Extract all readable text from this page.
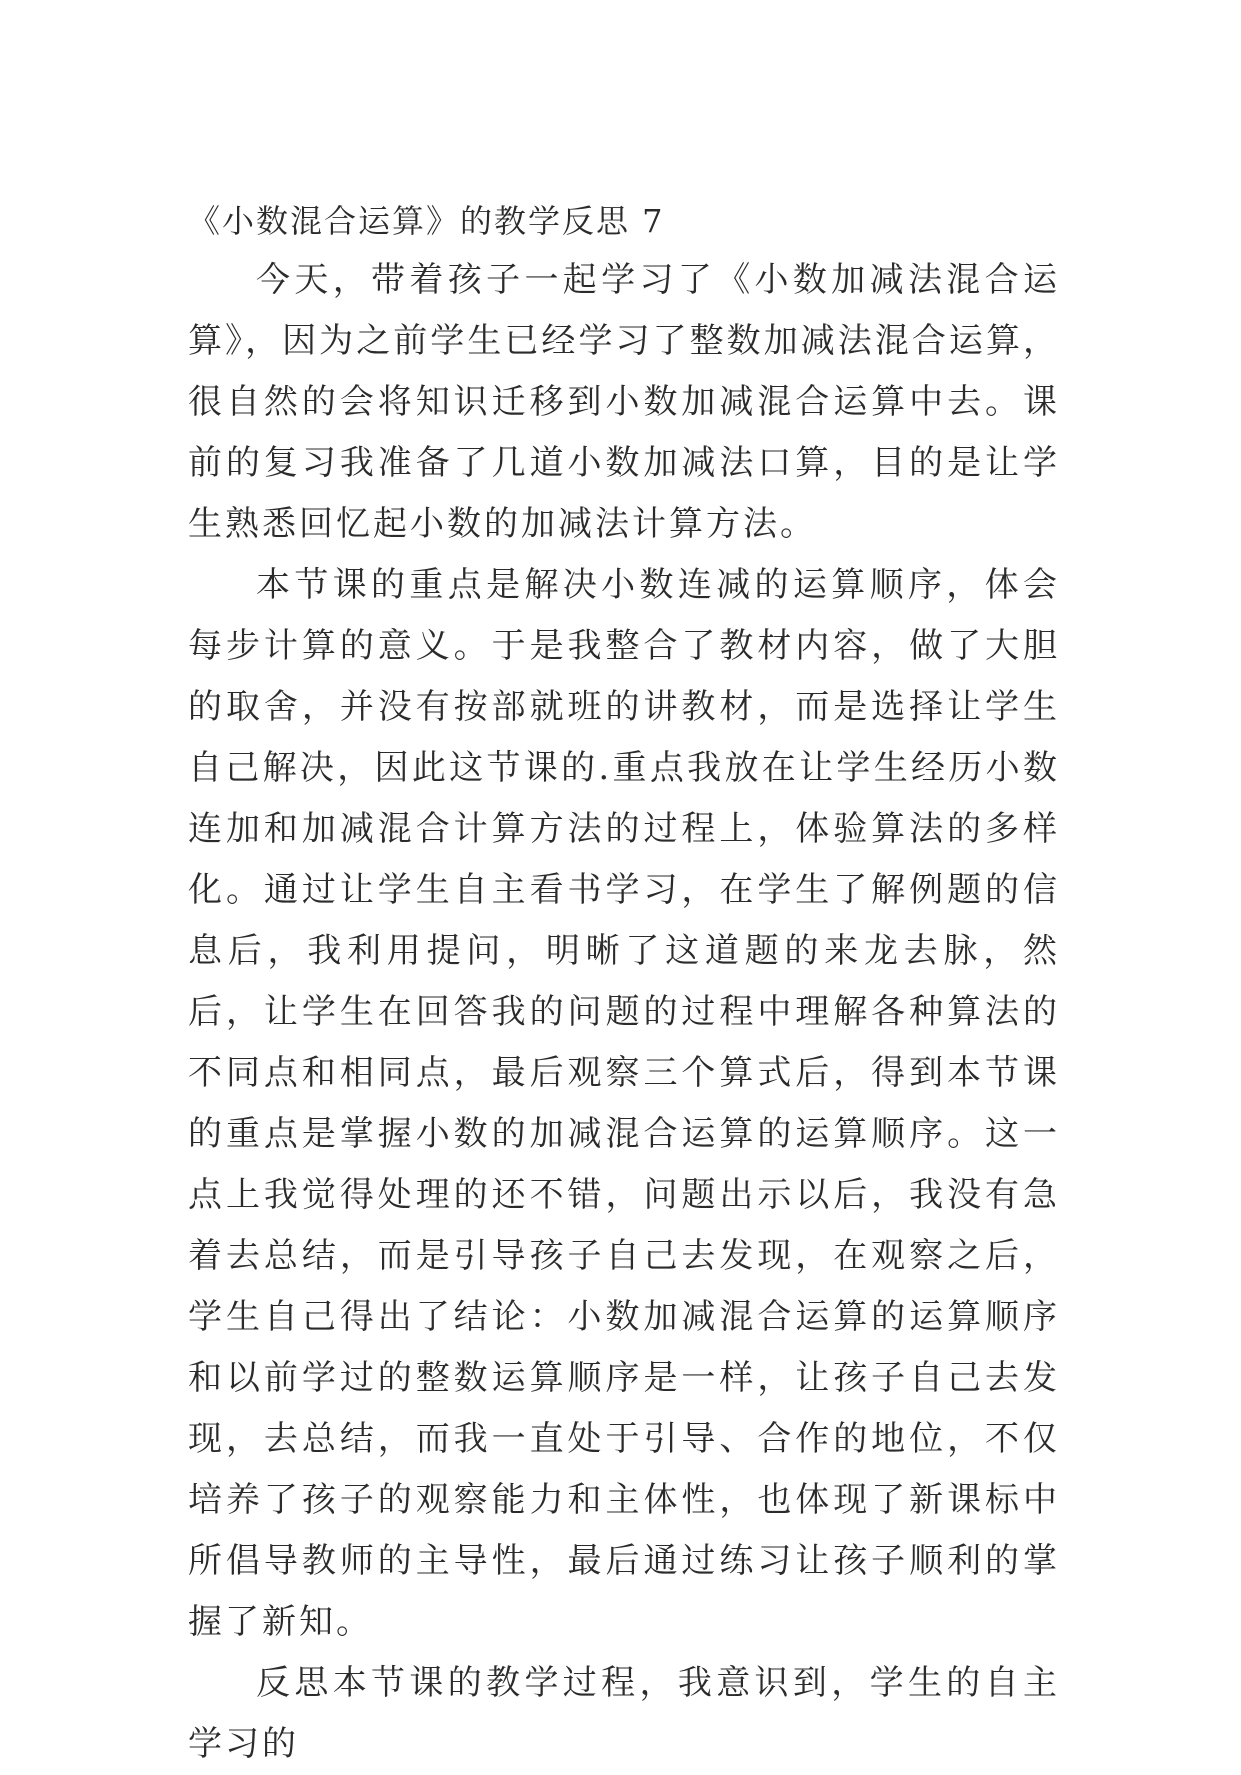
《小数混合运算》的教学反思 7

今天，带着孩子一起学习了《小数加减法混合运算》，因为之前学生已经学习了整数加减法混合运算，很自然的会将知识迁移到小数加减混合运算中去。课前的复习我准备了几道小数加减法口算，目的是让学生熟悉回忆起小数的加减法计算方法。

本节课的重点是解决小数连减的运算顺序，体会每步计算的意义。于是我整合了教材内容，做了大胆的取舍，并没有按部就班的讲教材，而是选择让学生自己解决，因此这节课的.重点我放在让学生经历小数连加和加减混合计算方法的过程上，体验算法的多样化。通过让学生自主看书学习，在学生了解例题的信息后，我利用提问，明晰了这道题的来龙去脉，然后，让学生在回答我的问题的过程中理解各种算法的不同点和相同点，最后观察三个算式后，得到本节课的重点是掌握小数的加减混合运算的运算顺序。这一点上我觉得处理的还不错，问题出示以后，我没有急着去总结，而是引导孩子自己去发现，在观察之后，学生自己得出了结论：小数加减混合运算的运算顺序和以前学过的整数运算顺序是一样，让孩子自己去发现，去总结，而我一直处于引导、合作的地位，不仅培养了孩子的观察能力和主体性，也体现了新课标中所倡导教师的主导性，最后通过练习让孩子顺利的掌握了新知。

反思本节课的教学过程，我意识到，学生的自主学习的
